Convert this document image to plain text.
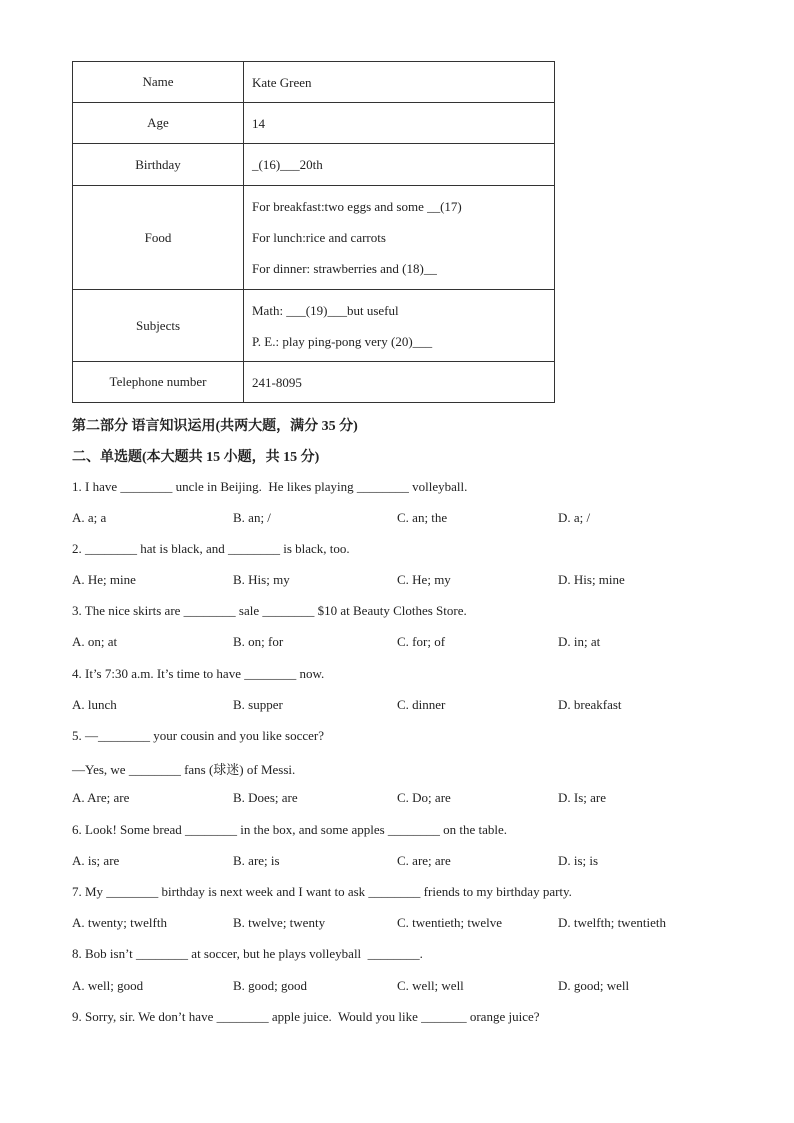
Name	Kate Green

Age	14

Birthday	_(16)___20th

Food	For breakfast:two eggs and some __(17)
For lunch:rice and carrots
For dinner: strawberries and (18)__

Subjects	Math: ___(19)___but useful
P. E.: play ping-pong very (20)___

Telephone number	241-8095
第二部分 语言知识运用(共两大题，满分 35 分)
二、单选题(本大题共 15 小题，共 15 分)
1. I have ________ uncle in Beijing.  He likes playing ________ volleyball.
A. a; a	B. an; /	C. an; the	D. a; /
2. ________ hat is black, and ________ is black, too.
A. He; mine	B. His; my	C. He; my	D. His; mine
3. The nice skirts are ________ sale ________ $10 at Beauty Clothes Store.
A. on; at	B. on; for	C. for; of	D. in; at
4. It’s 7:30 a.m. It’s time to have ________ now.
A. lunch	B. supper	C. dinner	D. breakfast
5. —________ your cousin and you like soccer?
—Yes, we ________ fans (球迷) of Messi.
A. Are; are	B. Does; are	C. Do; are	D. Is; are
6. Look! Some bread ________ in the box, and some apples ________ on the table.
A. is; are	B. are; is	C. are; are	D. is; is
7. My ________ birthday is next week and I want to ask ________ friends to my birthday party.
A. twenty; twelfth	B. twelve; twenty	C. twentieth; twelve	D. twelfth; twentieth
8. Bob isn’t ________ at soccer, but he plays volleyball  ________.
A. well; good	B. good; good	C. well; well	D. good; well
9. Sorry, sir. We don’t have ________ apple juice.  Would you like _______ orange juice?
